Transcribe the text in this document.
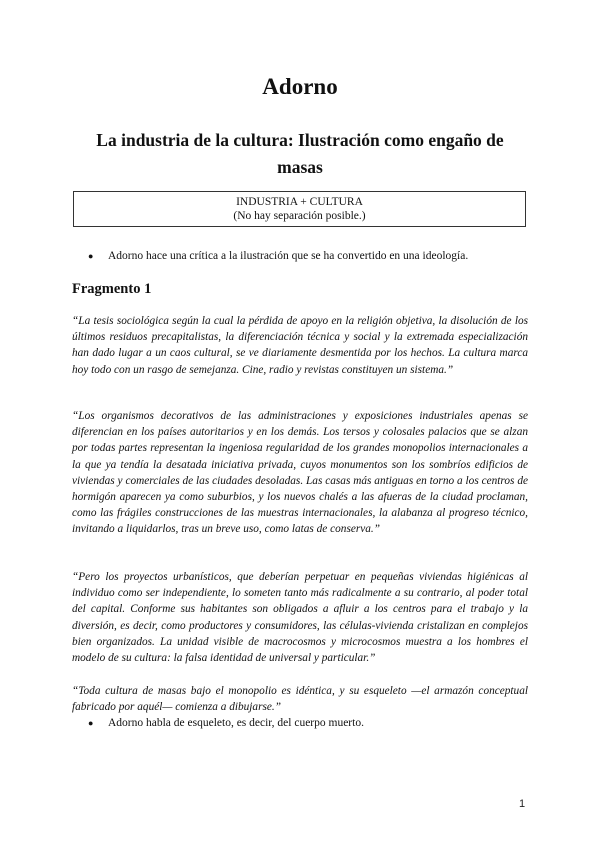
Adorno
La industria de la cultura: Ilustración como engaño de masas
INDUSTRIA + CULTURA
(No hay separación posible.)
● Adorno hace una crítica a la ilustración que se ha convertido en una ideología.
Fragmento 1

“La tesis sociológica según la cual la pérdida de apoyo en la religión objetiva, la disolución de los últimos residuos precapitalistas, la diferenciación técnica y social y la extremada especialización han dado lugar a un caos cultural, se ve diariamente desmentida por los hechos. La cultura marca hoy todo con un rasgo de semejanza. Cine, radio y revistas constituyen un sistema.”

“Los organismos decorativos de las administraciones y exposiciones industriales apenas se diferencian en los países autoritarios y en los demás. Los tersos y colosales palacios que se alzan por todas partes representan la ingeniosa regularidad de los grandes monopolios internacionales a la que ya tendía la desatada iniciativa privada, cuyos monumentos son los sombríos edificios de viviendas y comerciales de las ciudades desoladas. Las casas más antiguas en torno a los centros de hormigón aparecen ya como suburbios, y los nuevos chalés a las afueras de la ciudad proclaman, como las frágiles construcciones de las muestras internacionales, la alabanza al progreso técnico, invitando a liquidarlos, tras un breve uso, como latas de conserva.”

“Pero los proyectos urbanísticos, que deberían perpetuar en pequeñas viviendas higiénicas al individuo como ser independiente, lo someten tanto más radicalmente a su contrario, al poder total del capital. Conforme sus habitantes son obligados a afluir a los centros para el trabajo y la diversión, es decir, como productores y consumidores, las células-vivienda cristalizan en complejos bien organizados. La unidad visible de macrocosmos y microcosmos muestra a los hombres el modelo de su cultura: la falsa identidad de universal y particular.”

“Toda cultura de masas bajo el monopolio es idéntica, y su esqueleto —el armazón conceptual fabricado por aquél— comienza a dibujarse.”

● Adorno habla de esqueleto, es decir, del cuerpo muerto.
1
